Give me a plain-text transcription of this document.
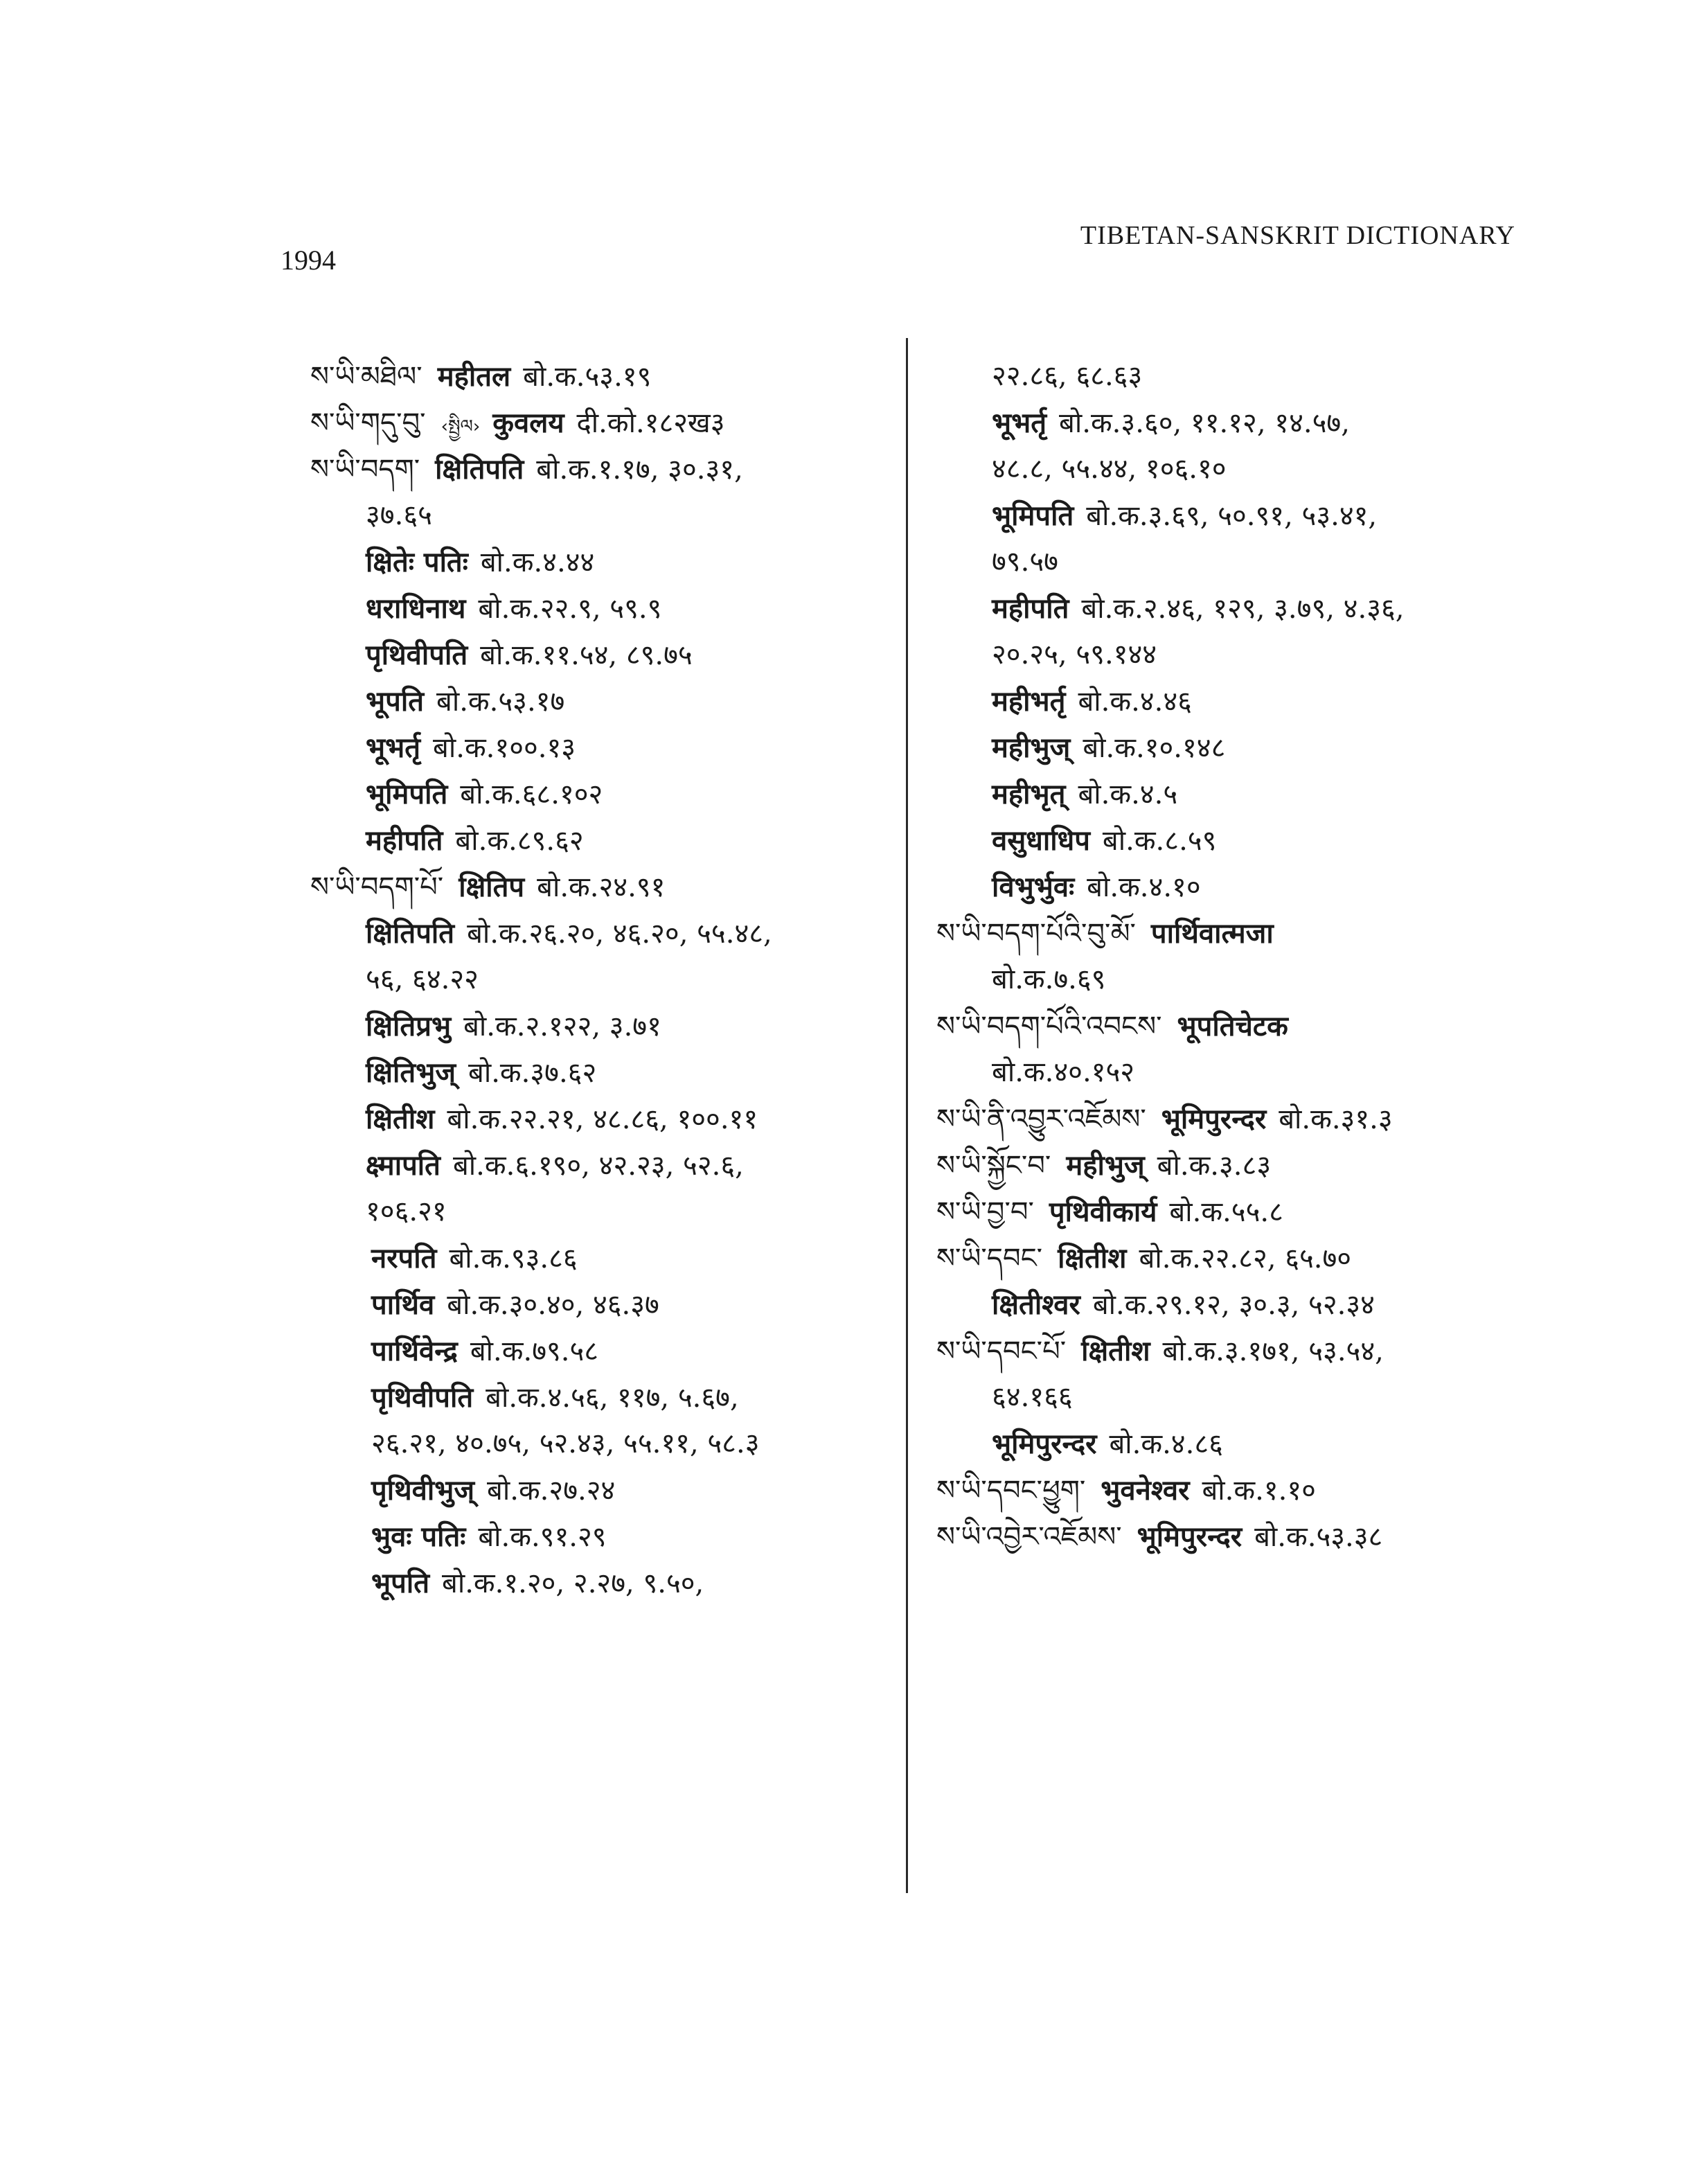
1994
TIBETAN-SANSKRIT DICTIONARY
ས་ཡི་མཐིལ་ महीतल बो.क.५३.१९
ས་ཡི་གདུ་བུ་ ‹སྤྱིལ› कुवलय दी.को.१८२ख३
ས་ཡི་བདག་ क्षितिपति बो.क.१.१७, ३०.३१,
३७.६५
क्षितेः पतिः बो.क.४.४४
धराधिनाथ बो.क.२२.९, ५९.९
पृथिवीपति बो.क.११.५४, ८९.७५
भूपति बो.क.५३.१७
भूभर्तृ बो.क.१००.१३
भूमिपति बो.क.६८.१०२
महीपति बो.क.८९.६२
ས་ཡི་བདག་པོ་ क्षितिप बो.क.२४.९१
क्षितिपति बो.क.२६.२०, ४६.२०, ५५.४८,
५६, ६४.२२
क्षितिप्रभु बो.क.२.१२२, ३.७१
क्षितिभुज् बो.क.३७.६२
क्षितीश बो.क.२२.२१, ४८.८६, १००.११
क्ष्मापति बो.क.६.१९०, ४२.२३, ५२.६,
१०६.२१
नरपति बो.क.९३.८६
पार्थिव बो.क.३०.४०, ४६.३७
पार्थिवेन्द्र बो.क.७९.५८
पृथिवीपति बो.क.४.५६, ११७, ५.६७,
२६.२१, ४०.७५, ५२.४३, ५५.११, ५८.३
पृथिवीभुज् बो.क.२७.२४
भुवः पतिः बो.क.९१.२९
भूपति बो.क.१.२०, २.२७, ९.५०,
२२.८६, ६८.६३
भूभर्तृ बो.क.३.६०, ११.१२, १४.५७,
४८.८, ५५.४४, १०६.१०
भूमिपति बो.क.३.६९, ५०.९१, ५३.४१,
७९.५७
महीपति बो.क.२.४६, १२९, ३.७९, ४.३६,
२०.२५, ५९.१४४
महीभर्तृ बो.क.४.४६
महीभुज् बो.क.१०.१४८
महीभृत् बो.क.४.५
वसुधाधिप बो.क.८.५९
विभुर्भुवः बो.क.४.१०
ས་ཡི་བདག་པོའི་བུ་མོ་ पार्थिवात्मजा
बो.क.७.६९
ས་ཡི་བདག་པོའི་འབངས་ भूपतिचेटक
बो.क.४०.१५२
ས་ཡི་ནི་འབྱུར་འཇོམས་ भूमिपुरन्दर बो.क.३१.३
ས་ཡི་སྐྱོང་བ་ महीभुज् बो.क.३.८३
ས་ཡི་བྱ་བ་ पृथिवीकार्य बो.क.५५.८
ས་ཡི་དབང་ क्षितीश बो.क.२२.८२, ६५.७०
क्षितीश्वर बो.क.२९.१२, ३०.३, ५२.३४
ས་ཡི་དབང་པོ་ क्षितीश बो.क.३.१७१, ५३.५४,
६४.१६६
भूमिपुरन्दर बो.क.४.८६
ས་ཡི་དབང་ཕྱུག་ भुवनेश्वर बो.क.१.१०
ས་ཡི་འབྱེར་འཇོམས་ भूमिपुरन्दर बो.क.५३.३८
